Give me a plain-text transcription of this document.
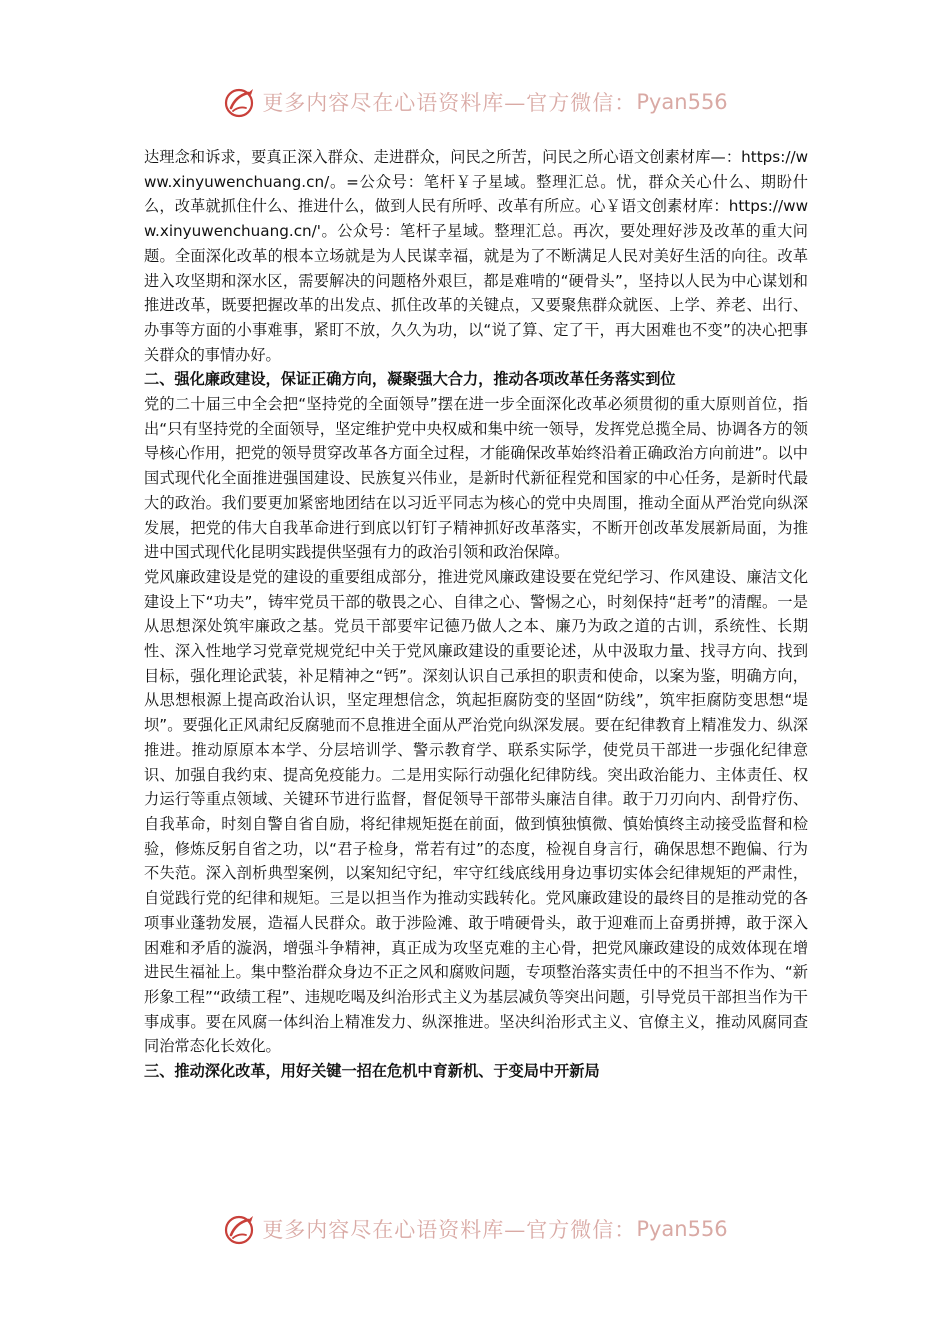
更多内容尽在心语资料库—官方微信： Pyan556

达理念和诉求，要真正深入群众、走进群众，问民之所苦，问民之所心语文创素材库—：https://www.xinyuwenchuang.cn/。=公众号：笔杆￥子星域。整理汇总。忧，群众关心什么、期盼什么，改革就抓住什么、推进什么，做到人民有所呼、改革有所应。心￥语文创素材库：https://www.xinyuwenchuang.cn/'。公众号：笔杆子星域。整理汇总。再次，要处理好涉及改革的重大问题。全面深化改革的根本立场就是为人民谋幸福，就是为了不断满足人民对美好生活的向往。改革进入攻坚期和深水区，需要解决的问题格外艰巨，都是难啃的“硬骨头”，坚持以人民为中心谋划和推进改革，既要把握改革的出发点、抓住改革的关键点，又要聚焦群众就医、上学、养老、出行、办事等方面的小事难事，紧盯不放，久久为功，以“说了算、定了干，再大困难也不变”的决心把事关群众的事情办好。

二、强化廉政建设，保证正确方向，凝聚强大合力，推动各项改革任务落实到位

党的二十届三中全会把“坚持党的全面领导”摆在进一步全面深化改革必须贯彻的重大原则首位，指出“只有坚持党的全面领导，坚定维护党中央权威和集中统一领导，发挥党总揽全局、协调各方的领导核心作用，把党的领导贯穿改革各方面全过程，才能确保改革始终沿着正确政治方向前进”。以中国式现代化全面推进强国建设、民族复兴伟业，是新时代新征程党和国家的中心任务，是新时代最大的政治。我们要更加紧密地团结在以习近平同志为核心的党中央周围，推动全面从严治党向纵深发展，把党的伟大自我革命进行到底以钉钉子精神抓好改革落实，不断开创改革发展新局面，为推进中国式现代化昆明实践提供坚强有力的政治引领和政治保障。

党风廉政建设是党的建设的重要组成部分，推进党风廉政建设要在党纪学习、作风建设、廉洁文化建设上下“功夫”，铸牢党员干部的敬畏之心、自律之心、警惕之心，时刻保持“赶考”的清醒。一是从思想深处筑牢廉政之基。党员干部要牢记德乃做人之本、廉乃为政之道的古训，系统性、长期性、深入性地学习党章党规党纪中关于党风廉政建设的重要论述，从中汲取力量、找寻方向、找到目标，强化理论武装，补足精神之“钙”。深刻认识自己承担的职责和使命，以案为鉴，明确方向，从思想根源上提高政治认识，坚定理想信念，筑起拒腐防变的坚固“防线”，筑牢拒腐防变思想“堤坝”。要强化正风肃纪反腐驰而不息推进全面从严治党向纵深发展。要在纪律教育上精准发力、纵深推进。推动原原本本学、分层培训学、警示教育学、联系实际学，使党员干部进一步强化纪律意识、加强自我约束、提高免疫能力。二是用实际行动强化纪律防线。突出政治能力、主体责任、权力运行等重点领域、关键环节进行监督，督促领导干部带头廉洁自律。敢于刀刃向内、刮骨疗伤、自我革命，时刻自警自省自励，将纪律规矩挺在前面，做到慎独慎微、慎始慎终主动接受监督和检验，修炼反躬自省之功，以“君子检身，常若有过”的态度，检视自身言行，确保思想不跑偏、行为不失范。深入剖析典型案例，以案知纪守纪，牢守红线底线用身边事切实体会纪律规矩的严肃性，自觉践行党的纪律和规矩。三是以担当作为推动实践转化。党风廉政建设的最终目的是推动党的各项事业蓬勃发展，造福人民群众。敢于涉险滩、敢于啃硬骨头，敢于迎难而上奋勇拼搏，敢于深入困难和矛盾的漩涡，增强斗争精神，真正成为攻坚克难的主心骨，把党风廉政建设的成效体现在增进民生福祉上。集中整治群众身边不正之风和腐败问题，专项整治落实责任中的不担当不作为、“新形象工程”“政绩工程”、违规吃喝及纠治形式主义为基层减负等突出问题，引导党员干部担当作为干事成事。要在风腐一体纠治上精准发力、纵深推进。坚决纠治形式主义、官僚主义，推动风腐同查同治常态化长效化。

三、推动深化改革，用好关键一招在危机中育新机、于变局中开新局

更多内容尽在心语资料库—官方微信： Pyan556
